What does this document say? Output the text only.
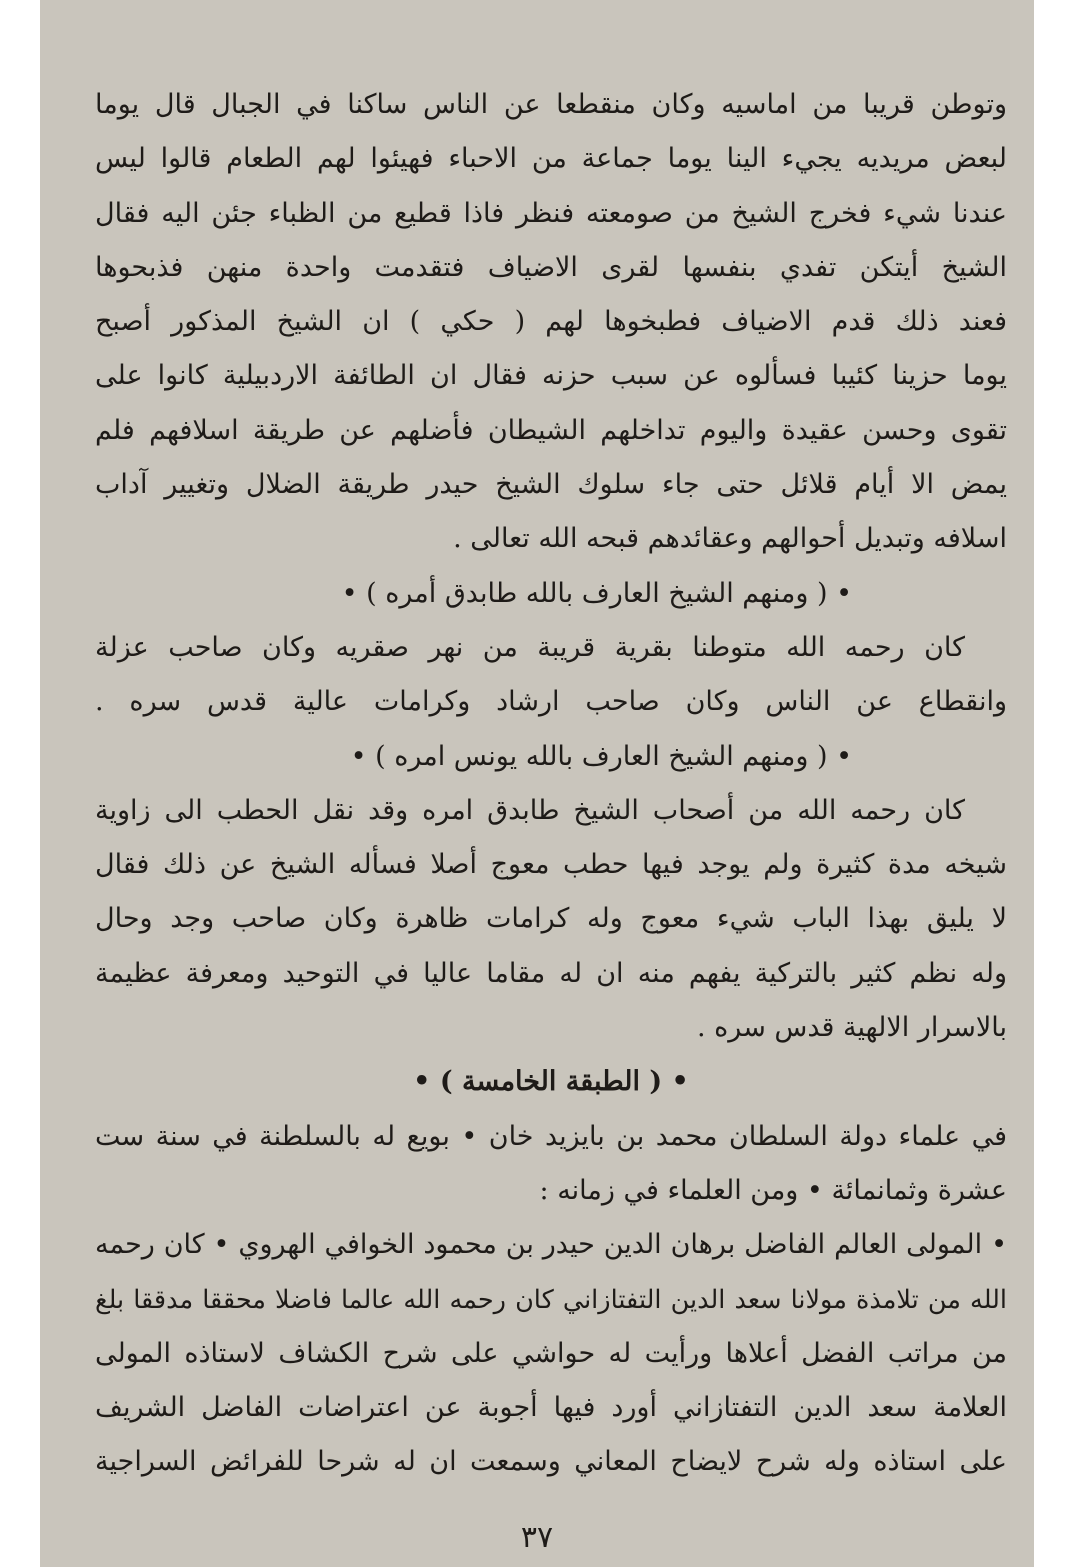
وتوطن قريبا من اماسيه وكان منقطعا عن الناس ساكنا في الجبال قال يوما
لبعض مريديه يجيء الينا يوما جماعة من الاحباء فهيئوا لهم الطعام قالوا ليس
عندنا شيء فخرج الشيخ من صومعته فنظر فاذا قطيع من الظباء جئن اليه فقال
الشيخ أيتكن تفدي بنفسها لقرى الاضياف فتقدمت واحدة منهن فذبحوها
فعند ذلك قدم الاضياف فطبخوها لهم ( حكي ) ان الشيخ المذكور أصبح
يوما حزينا كئيبا فسألوه عن سبب حزنه فقال ان الطائفة الاردبيلية كانوا على
تقوى وحسن عقيدة واليوم تداخلهم الشيطان فأضلهم عن طريقة اسلافهم فلم
يمض الا أيام قلائل حتى جاء سلوك الشيخ حيدر طريقة الضلال وتغيير آداب
اسلافه وتبديل أحوالهم وعقائدهم قبحه الله تعالى .
• ( ومنهم الشيخ العارف بالله طابدق أمره ) •
كان رحمه الله متوطنا بقرية قريبة من نهر صقريه وكان صاحب عزلة
وانقطاع عن الناس وكان صاحب ارشاد وكرامات عالية قدس سره .
• ( ومنهم الشيخ العارف بالله يونس امره ) •
كان رحمه الله من أصحاب الشيخ طابدق امره وقد نقل الحطب الى زاوية
شيخه مدة كثيرة ولم يوجد فيها حطب معوج أصلا فسأله الشيخ عن ذلك فقال
لا يليق بهذا الباب شيء معوج وله كرامات ظاهرة وكان صاحب وجد وحال
وله نظم كثير بالتركية يفهم منه ان له مقاما عاليا في التوحيد ومعرفة عظيمة
بالاسرار الالهية قدس سره .
• ( الطبقة الخامسة ) •
في علماء دولة السلطان محمد بن بايزيد خان • بويع له بالسلطنة في سنة ست
عشرة وثمانمائة • ومن العلماء في زمانه :
• المولى العالم الفاضل برهان الدين حيدر بن محمود الخوافي الهروي • كان رحمه
الله من تلامذة مولانا سعد الدين التفتازاني كان رحمه الله عالما فاضلا محققا مدققا بلغ
من مراتب الفضل أعلاها ورأيت له حواشي على شرح الكشاف لاستاذه المولى
العلامة سعد الدين التفتازاني أورد فيها أجوبة عن اعتراضات الفاضل الشريف
على استاذه وله شرح لايضاح المعاني وسمعت ان له شرحا للفرائض السراجية
٣٧
